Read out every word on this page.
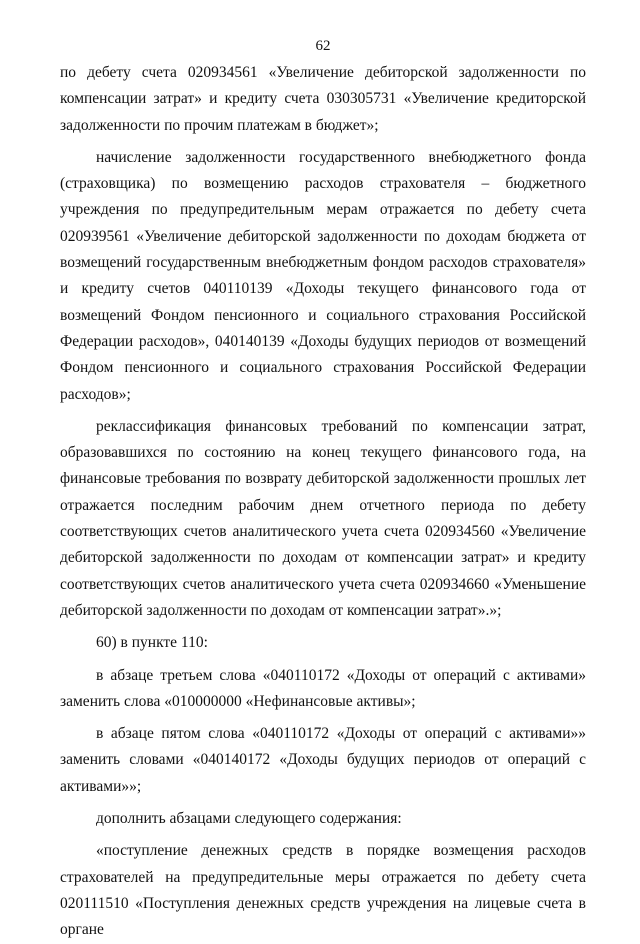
62

по дебету счета 020934561 «Увеличение дебиторской задолженности по компенсации затрат» и кредиту счета 030305731 «Увеличение кредиторской задолженности по прочим платежам в бюджет»;

начисление задолженности государственного внебюджетного фонда (страховщика) по возмещению расходов страхователя – бюджетного учреждения по предупредительным мерам отражается по дебету счета 020939561 «Увеличение дебиторской задолженности по доходам бюджета от возмещений государственным внебюджетным фондом расходов страхователя» и кредиту счетов 040110139 «Доходы текущего финансового года от возмещений Фондом пенсионного и социального страхования Российской Федерации расходов», 040140139 «Доходы будущих периодов от возмещений Фондом пенсионного и социального страхования Российской Федерации расходов»;

реклассификация финансовых требований по компенсации затрат, образовавшихся по состоянию на конец текущего финансового года, на финансовые требования по возврату дебиторской задолженности прошлых лет отражается последним рабочим днем отчетного периода по дебету соответствующих счетов аналитического учета счета 020934560 «Увеличение дебиторской задолженности по доходам от компенсации затрат» и кредиту соответствующих счетов аналитического учета счета 020934660 «Уменьшение дебиторской задолженности по доходам от компенсации затрат».»;

60) в пункте 110:

в абзаце третьем слова «040110172 «Доходы от операций с активами» заменить слова «010000000 «Нефинансовые активы»;

в абзаце пятом слова «040110172 «Доходы от операций с активами»» заменить словами «040140172 «Доходы будущих периодов от операций с активами»»;

дополнить абзацами следующего содержания:

«поступление денежных средств в порядке возмещения расходов страхователей на предупредительные меры отражается по дебету счета 020111510 «Поступления денежных средств учреждения на лицевые счета в органе
